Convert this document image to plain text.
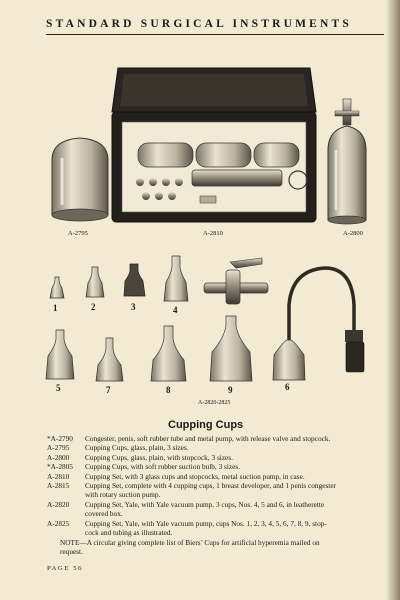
STANDARD SURGICAL INSTRUMENTS
A-2795	A-2810	A-2800
1	2	3	4
5	7	8	9	6
A-2820-2825
Cupping Cups
*A-2790	Congester, penis, soft rubber tube and metal pump, with release valve and stopcock.
A-2795	Cupping Cups, glass, plain, 3 sizes.
A-2800	Cupping Cups, glass, plain, with stopcock, 3 sizes.
*A-2805	Cupping Cups, with soft rubber suction bulb, 3 sizes.
A-2810	Cupping Set, with 3 glass cups and stopcocks, metal suction pump, in case.
A-2815	Cupping Set, complete with 4 cupping cups, 1 breast developer, and 1 penis congester
with rotary suction pump.
A-2820	Cupping Set, Yale, with Yale vacuum pump, 3 cups, Nos. 4, 5 and 6, in leatherette
covered box.
A-2825	Cupping Set, Yale, with Yale vacuum pump, cups Nos. 1, 2, 3, 4, 5, 6, 7, 8, 9, stop-
cock and tubing as illustrated.
NOTE—A circular giving complete list of Biers’ Cups for artificial hyperemia mailed on
request.
PAGE 56
